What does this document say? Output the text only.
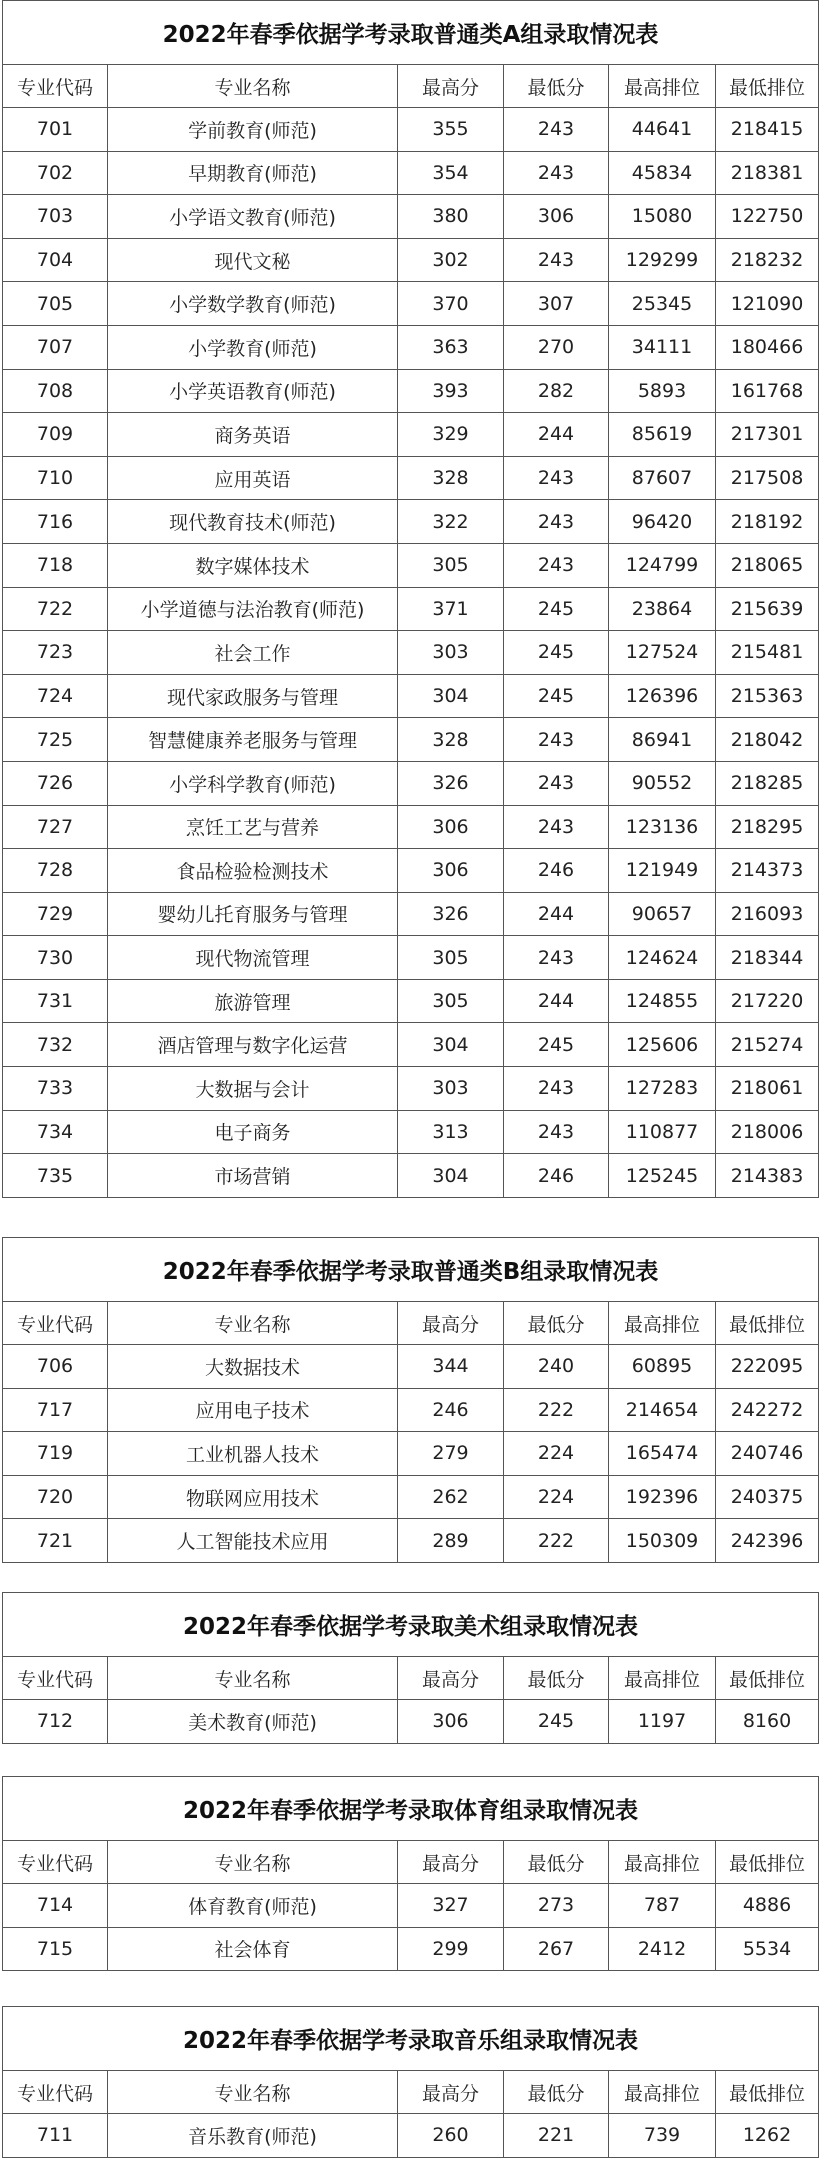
2022年春季依据学考录取普通类A组录取情况表					
专业代码	专业名称	最高分	最低分	最高排位	最低排位
701	学前教育(师范)	355	243	44641	218415
702	早期教育(师范)	354	243	45834	218381
703	小学语文教育(师范)	380	306	15080	122750
704	现代文秘	302	243	129299	218232
705	小学数学教育(师范)	370	307	25345	121090
707	小学教育(师范)	363	270	34111	180466
708	小学英语教育(师范)	393	282	5893	161768
709	商务英语	329	244	85619	217301
710	应用英语	328	243	87607	217508
716	现代教育技术(师范)	322	243	96420	218192
718	数字媒体技术	305	243	124799	218065
722	小学道德与法治教育(师范)	371	245	23864	215639
723	社会工作	303	245	127524	215481
724	现代家政服务与管理	304	245	126396	215363
725	智慧健康养老服务与管理	328	243	86941	218042
726	小学科学教育(师范)	326	243	90552	218285
727	烹饪工艺与营养	306	243	123136	218295
728	食品检验检测技术	306	246	121949	214373
729	婴幼儿托育服务与管理	326	244	90657	216093
730	现代物流管理	305	243	124624	218344
731	旅游管理	305	244	124855	217220
732	酒店管理与数字化运营	304	245	125606	215274
733	大数据与会计	303	243	127283	218061
734	电子商务	313	243	110877	218006
735	市场营销	304	246	125245	214383
2022年春季依据学考录取普通类B组录取情况表					
专业代码	专业名称	最高分	最低分	最高排位	最低排位
706	大数据技术	344	240	60895	222095
717	应用电子技术	246	222	214654	242272
719	工业机器人技术	279	224	165474	240746
720	物联网应用技术	262	224	192396	240375
721	人工智能技术应用	289	222	150309	242396
2022年春季依据学考录取美术组录取情况表					
专业代码	专业名称	最高分	最低分	最高排位	最低排位
712	美术教育(师范)	306	245	1197	8160
2022年春季依据学考录取体育组录取情况表					
专业代码	专业名称	最高分	最低分	最高排位	最低排位
714	体育教育(师范)	327	273	787	4886
715	社会体育	299	267	2412	5534
2022年春季依据学考录取音乐组录取情况表					
专业代码	专业名称	最高分	最低分	最高排位	最低排位
711	音乐教育(师范)	260	221	739	1262
